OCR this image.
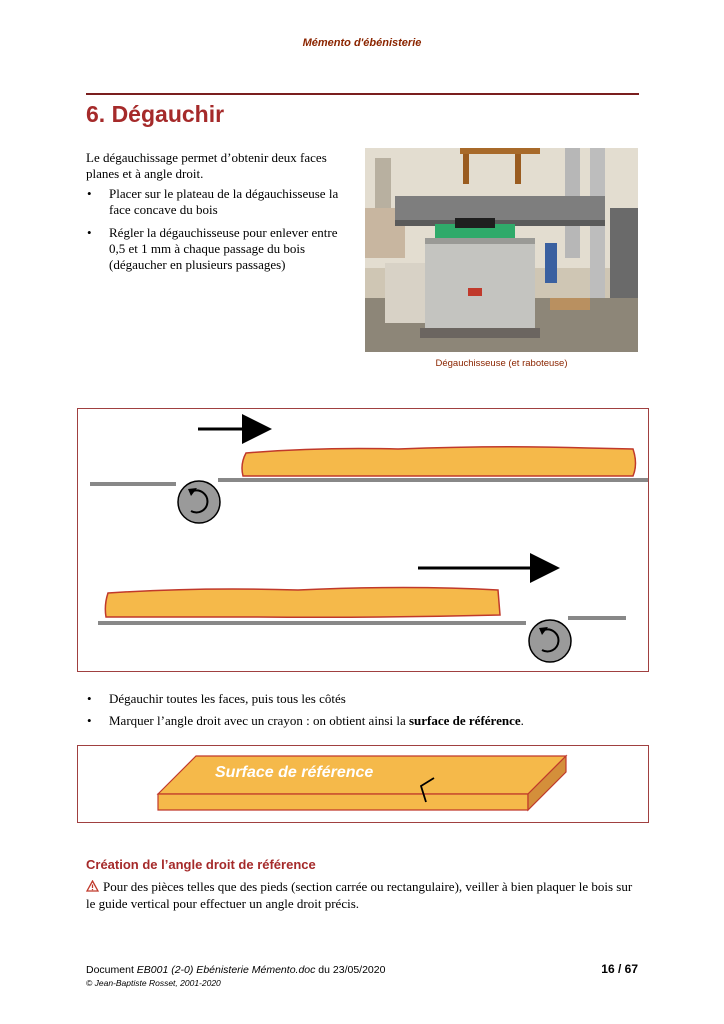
Mémento d'ébénisterie
6. Dégauchir
Le dégauchissage permet d’obtenir deux faces planes et à angle droit.
• Placer sur le plateau de la dégauchisseuse la face concave du bois
• Régler la dégauchisseuse pour enlever entre 0,5 et 1 mm à chaque passage du bois (dégaucher en plusieurs passages)
Dégauchisseuse (et raboteuse)
• Dégauchir toutes les faces, puis tous les côtés
• Marquer l’angle droit avec un crayon : on obtient ainsi la surface de référence.
Surface de référence
Création de l’angle droit de référence
Pour des pièces telles que des pieds (section carrée ou rectangulaire), veiller à bien plaquer le bois sur le guide vertical pour effectuer un angle droit précis.
Document EB001 (2-0) Ebénisterie Mémento.doc du 23/05/2020
© Jean-Baptiste Rosset, 2001-2020
16 / 67
